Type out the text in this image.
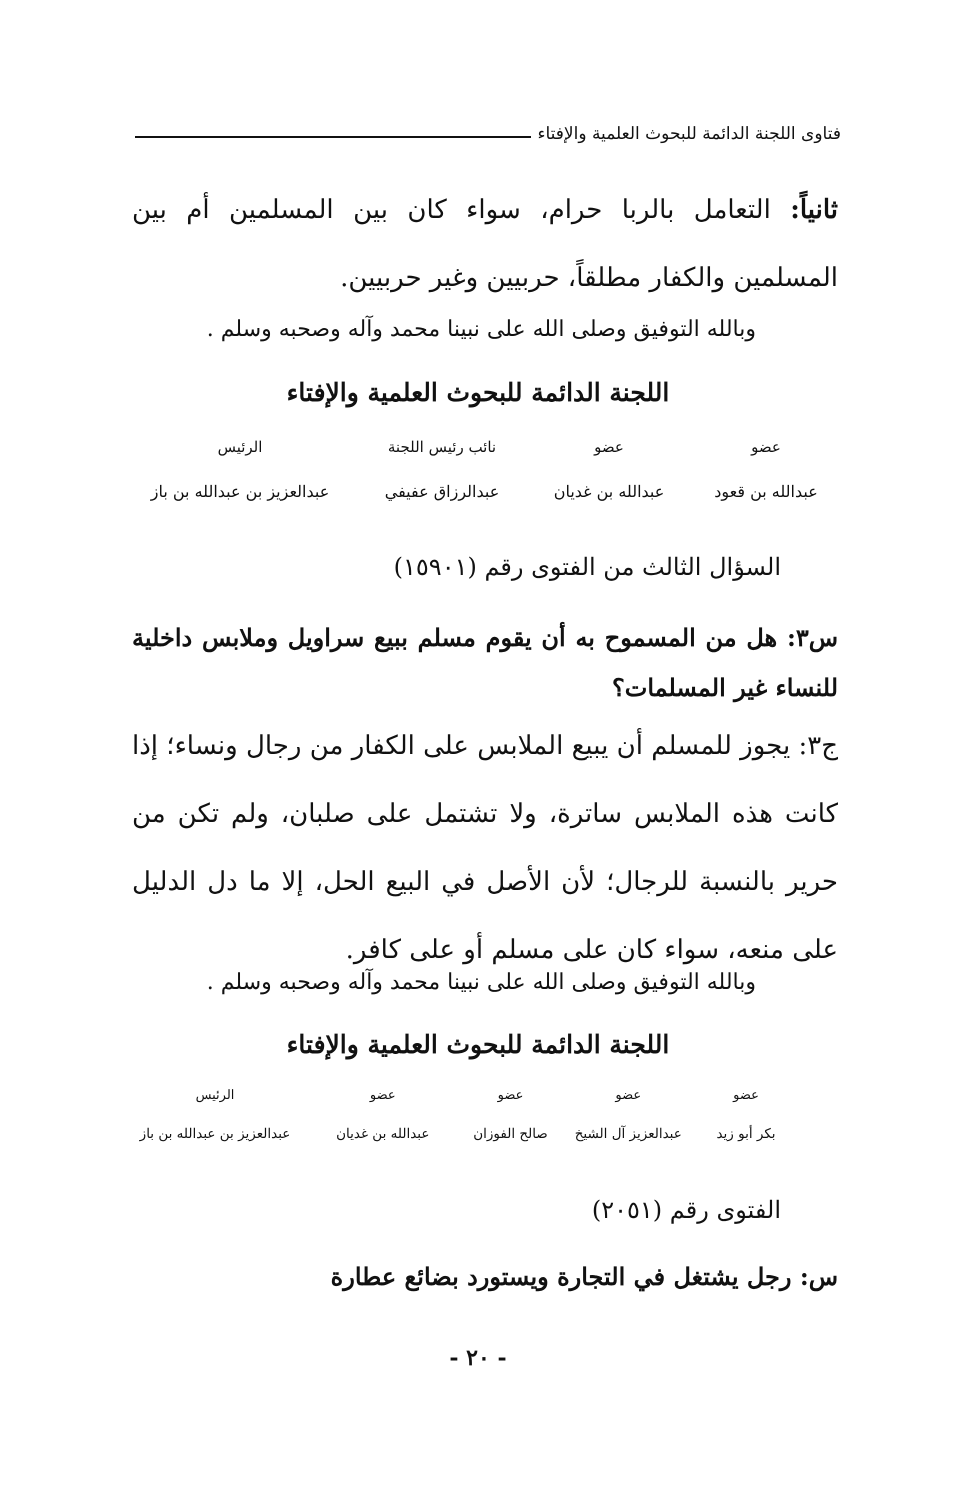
فتاوى اللجنة الدائمة للبحوث العلمية والإفتاء
ثانياً: التعامل بالربا حرام، سواء كان بين المسلمين أم بين المسلمين والكفار مطلقاً، حربيين وغير حربيين.
وبالله التوفيق وصلى الله على نبينا محمد وآله وصحبه وسلم .
اللجنة الدائمة للبحوث العلمية والإفتاء
عضو
عضو
نائب رئيس اللجنة
الرئيس
عبدالله بن قعود
عبدالله بن غديان
عبدالرزاق عفيفي
عبدالعزيز بن عبدالله بن باز
السؤال الثالث من الفتوى رقم (١٥٩٠١)
س٣: هل من المسموح به أن يقوم مسلم ببيع سراويل وملابس داخلية للنساء غير المسلمات؟
ج٣: يجوز للمسلم أن يبيع الملابس على الكفار من رجال ونساء؛ إذا كانت هذه الملابس ساترة، ولا تشتمل على صلبان، ولم تكن من حرير بالنسبة للرجال؛ لأن الأصل في البيع الحل، إلا ما دل الدليل على منعه، سواء كان على مسلم أو على كافر.
وبالله التوفيق وصلى الله على نبينا محمد وآله وصحبه وسلم .
اللجنة الدائمة للبحوث العلمية والإفتاء
عضو
عضو
عضو
عضو
الرئيس
بكر أبو زيد
عبدالعزيز آل الشيخ
صالح الفوزان
عبدالله بن غديان
عبدالعزيز بن عبدالله بن باز
الفتوى رقم (٢٠٥١)
س: رجل يشتغل في التجارة ويستورد بضائع عطارة
- ٢٠ -
